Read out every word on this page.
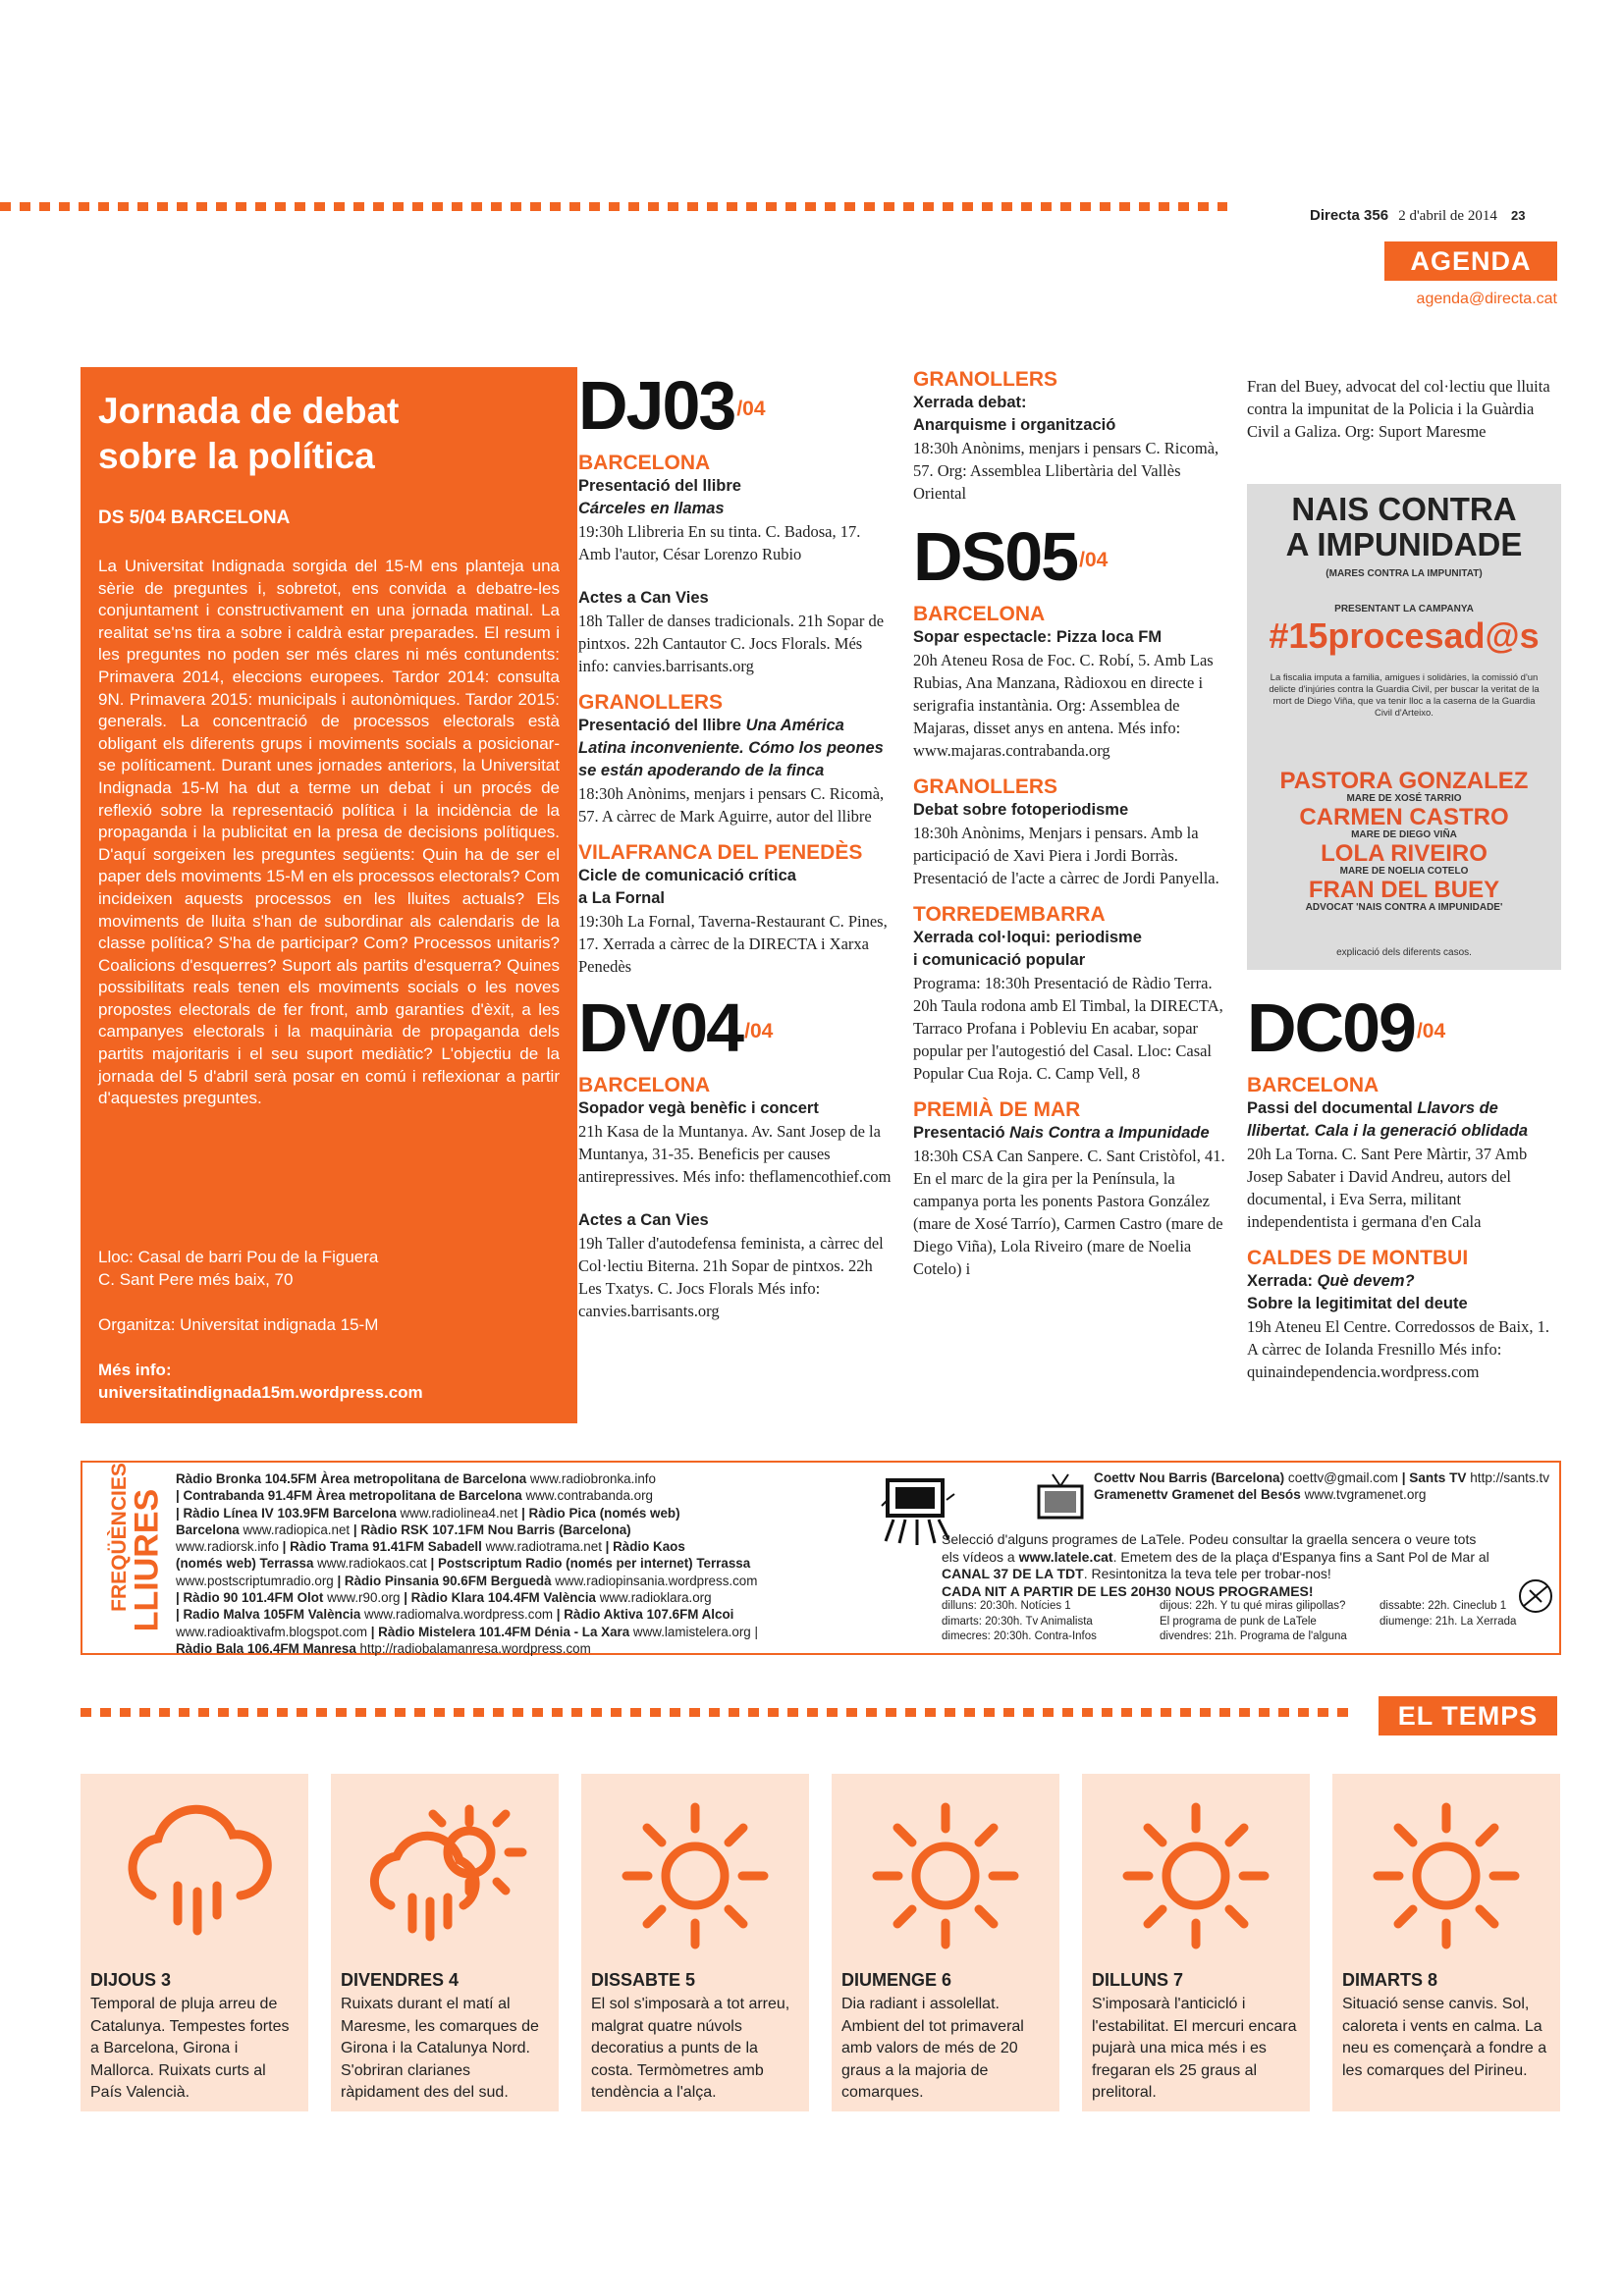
Directa 356 2 d'abril de 2014 23
AGENDA
agenda@directa.cat
Jornada de debat
sobre la política
DS 5/04 BARCELONA
La Universitat Indignada sorgida del 15-M ens planteja una sèrie de preguntes i, sobretot, ens convida a debatre-les conjuntament i constructivament en una jornada matinal. La realitat se'ns tira a sobre i caldrà estar preparades. El resum i les preguntes no poden ser més clares ni més contundents: Primavera 2014, eleccions europees. Tardor 2014: consulta 9N. Primavera 2015: municipals i autonòmiques. Tardor 2015: generals. La concentració de processos electorals està obligant els diferents grups i moviments socials a posicionar-se políticament. Durant unes jornades anteriors, la Universitat Indignada 15-M ha dut a terme un debat i un procés de reflexió sobre la representació política i la incidència de la propaganda i la publicitat en la presa de decisions polítiques. D'aquí sorgeixen les preguntes següents: Quin ha de ser el paper dels moviments 15-M en els processos electorals? Com incideixen aquests processos en les lluites actuals? Els moviments de lluita s'han de subordinar als calendaris de la classe política? S'ha de participar? Com? Processos unitaris? Coalicions d'esquerres? Suport als partits d'esquerra? Quines possibilitats reals tenen els moviments socials o les noves propostes electorals de fer front, amb garanties d'èxit, a les campanyes electorals i la maquinària de propaganda dels partits majoritaris i el seu suport mediàtic? L'objectiu de la jornada del 5 d'abril serà posar en comú i reflexionar a partir d'aquestes preguntes.
Lloc: Casal de barri Pou de la Figuera
C. Sant Pere més baix, 70
Organitza: Universitat indignada 15-M
Més info:
universitatindignada15m.wordpress.com
$DJ03^{/04}$
BARCELONA
Presentació del llibre
Cárceles en llamas
19:30h Llibreria En su tinta. C. Badosa, 17. Amb l'autor, César Lorenzo Rubio
Actes a Can Vies
18h Taller de danses tradicionals. 21h Sopar de pintxos. 22h Cantautor C. Jocs Florals. Més info: canvies.barrisants.org
GRANOLLERS
Presentació del llibre Una América Latina inconveniente. Cómo los peones se están apoderando de la finca
18:30h Anònims, menjars i pensars C. Ricomà, 57. A càrrec de Mark Aguirre, autor del llibre
VILAFRANCA DEL PENEDÈS
Cicle de comunicació crítica
a La Fornal
19:30h La Fornal, Taverna-Restaurant C. Pines, 17. Xerrada a càrrec de la DIRECTA i Xarxa Penedès
$DV04^{/04}$
BARCELONA
Sopador vegà benèfic i concert
21h Kasa de la Muntanya. Av. Sant Josep de la Muntanya, 31-35. Beneficis per causes antirepressives. Més info: theflamencothief.com
Actes a Can Vies
19h Taller d'autodefensa feminista, a càrrec del Col·lectiu Biterna. 21h Sopar de pintxos. 22h Les Txatys. C. Jocs Florals Més info: canvies.barrisants.org
GRANOLLERS
Xerrada debat:
Anarquisme i organització
18:30h Anònims, menjars i pensars C. Ricomà, 57. Org: Assemblea Llibertària del Vallès Oriental
$DS05^{/04}$
BARCELONA
Sopar espectacle: Pizza loca FM
20h Ateneu Rosa de Foc. C. Robí, 5. Amb Las Rubias, Ana Manzana, Ràdioxou en directe i serigrafia instantània. Org: Assemblea de Majaras, disset anys en antena. Més info: www.majaras.contrabanda.org
GRANOLLERS
Debat sobre fotoperiodisme
18:30h Anònims, Menjars i pensars. Amb la participació de Xavi Piera i Jordi Borràs. Presentació de l'acte a càrrec de Jordi Panyella.
TORREDEMBARRA
Xerrada col·loqui: periodisme
i comunicació popular
Programa: 18:30h Presentació de Ràdio Terra. 20h Taula rodona amb El Timbal, la DIRECTA, Tarraco Profana i Pobleviu En acabar, sopar popular per l'autogestió del Casal. Lloc: Casal Popular Cua Roja. C. Camp Vell, 8
PREMIÀ DE MAR
Presentació Nais Contra a Impunidade
18:30h CSA Can Sanpere. C. Sant Cristòfol, 41. En el marc de la gira per la Península, la campanya porta les ponents Pastora González (mare de Xosé Tarrío), Carmen Castro (mare de Diego Viña), Lola Riveiro (mare de Noelia Cotelo) i
Fran del Buey, advocat del col·lectiu que lluita contra la impunitat de la Policia i la Guàrdia Civil a Galiza. Org: Suport Maresme
NAIS CONTRA
A IMPUNIDADE
(MARES CONTRA LA IMPUNITAT)
PRESENTANT LA CAMPANYA
#15procesad@s
La fiscalia imputa a familia, amigues i solidàries, la comissió d'un delicte d'injúries contra la Guardia Civil, per buscar la veritat de la mort de Diego Viña, que va tenir lloc a la caserna de la Guardia Civil d'Arteixo.
PASTORA GONZALEZ
MARE DE XOSÉ TARRIO
CARMEN CASTRO
MARE DE DIEGO VIÑA
LOLA RIVEIRO
MARE DE NOELIA COTELO
FRAN DEL BUEY
ADVOCAT 'NAIS CONTRA A IMPUNIDADE'
explicació dels diferents casos.
$DC09^{/04}$
BARCELONA
Passi del documental Llavors de llibertat. Cala i la generació oblidada
20h La Torna. C. Sant Pere Màrtir, 37 Amb Josep Sabater i David Andreu, autors del documental, i Eva Serra, militant independentista i germana d'en Cala
CALDES DE MONTBUI
Xerrada: Què devem?
Sobre la legitimitat del deute
19h Ateneu El Centre. Corredossos de Baix, 1. A càrrec de Iolanda Fresnillo Més info: quinaindependencia.wordpress.com
FREQÜÈNCIES
LLIURES
Ràdio Bronka 104.5FM Àrea metropolitana de Barcelona www.radiobronka.info
| Contrabanda 91.4FM Àrea metropolitana de Barcelona www.contrabanda.org
| Ràdio Línea IV 103.9FM Barcelona www.radiolinea4.net | Ràdio Pica (només web)
Barcelona www.radiopica.net | Ràdio RSK 107.1FM Nou Barris (Barcelona)
www.radiorsk.info | Ràdio Trama 91.41FM Sabadell www.radiotrama.net | Ràdio Kaos
(només web) Terrassa www.radiokaos.cat | Postscriptum Radio (només per internet) Terrassa
www.postscriptumradio.org | Ràdio Pinsania 90.6FM Berguedà www.radiopinsania.wordpress.com
| Ràdio 90 101.4FM Olot www.r90.org | Ràdio Klara 104.4FM València www.radioklara.org
| Radio Malva 105FM València www.radiomalva.wordpress.com | Ràdio Aktiva 107.6FM Alcoi
www.radioaktivafm.blogspot.com | Ràdio Mistelera 101.4FM Dénia - La Xara www.lamistelera.org |
Ràdio Bala 106.4FM Manresa http://radiobalamanresa.wordpress.com
Coettv Nou Barris (Barcelona) coettv@gmail.com | Sants TV http://sants.tv
Gramenettv Gramenet del Besós www.tvgramenet.org
Selecció d'alguns programes de LaTele. Podeu consultar la graella sencera o veure tots els vídeos a www.latele.cat. Emetem des de la plaça d'Espanya fins a Sant Pol de Mar al CANAL 37 DE LA TDT. Resintonitza la teva tele per trobar-nos!
CADA NIT A PARTIR DE LES 20H30 NOUS PROGRAMES!
dilluns: 20:30h. Notícies 1	dijous: 22h. Y tu qué miras gilipollas?	dissabte: 22h. Cineclub 1
dimarts: 20:30h. Tv Animalista	El programa de punk de LaTele	diumenge: 21h. La Xerrada
dimecres: 20:30h. Contra-Infos	divendres: 21h. Programa de l'alguna
EL TEMPS
DIJOUS 3
Temporal de pluja arreu de Catalunya. Tempestes fortes a Barcelona, Girona i Mallorca. Ruixats curts al País Valencià.
DIVENDRES 4
Ruixats durant el matí al Maresme, les comarques de Girona i la Catalunya Nord. S'obriran clarianes ràpidament des del sud.
DISSABTE 5
El sol s'imposarà a tot arreu, malgrat quatre núvols decoratius a punts de la costa. Termòmetres amb tendència a l'alça.
DIUMENGE 6
Dia radiant i assolellat. Ambient del tot primaveral amb valors de més de 20 graus a la majoria de comarques.
DILLUNS 7
S'imposarà l'anticicló i l'estabilitat. El mercuri encara pujarà una mica més i es fregaran els 25 graus al prelitoral.
DIMARTS 8
Situació sense canvis. Sol, caloreta i vents en calma. La neu es començarà a fondre a les comarques del Pirineu.
